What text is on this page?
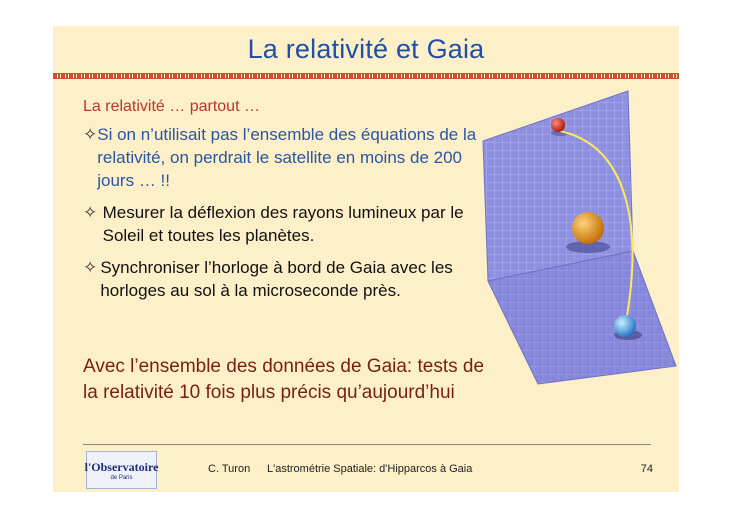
La relativité et Gaia
La relativité … partout …
✧ Si on n’utilisait pas l’ensemble des équations de la relativité, on perdrait le satellite en moins de 200 jours … !!
✧ Mesurer la déflexion des rayons lumineux par le Soleil et toutes les planètes.
✧ Synchroniser l’horloge à bord de Gaia avec les horloges au sol à la microseconde près.
Avec l’ensemble des données de Gaia: tests de la relativité 10 fois plus précis qu’aujourd’hui
l'Observatoire
de Paris
C. Turon L'astrométrie Spatiale: d'Hipparcos à Gaia	74
